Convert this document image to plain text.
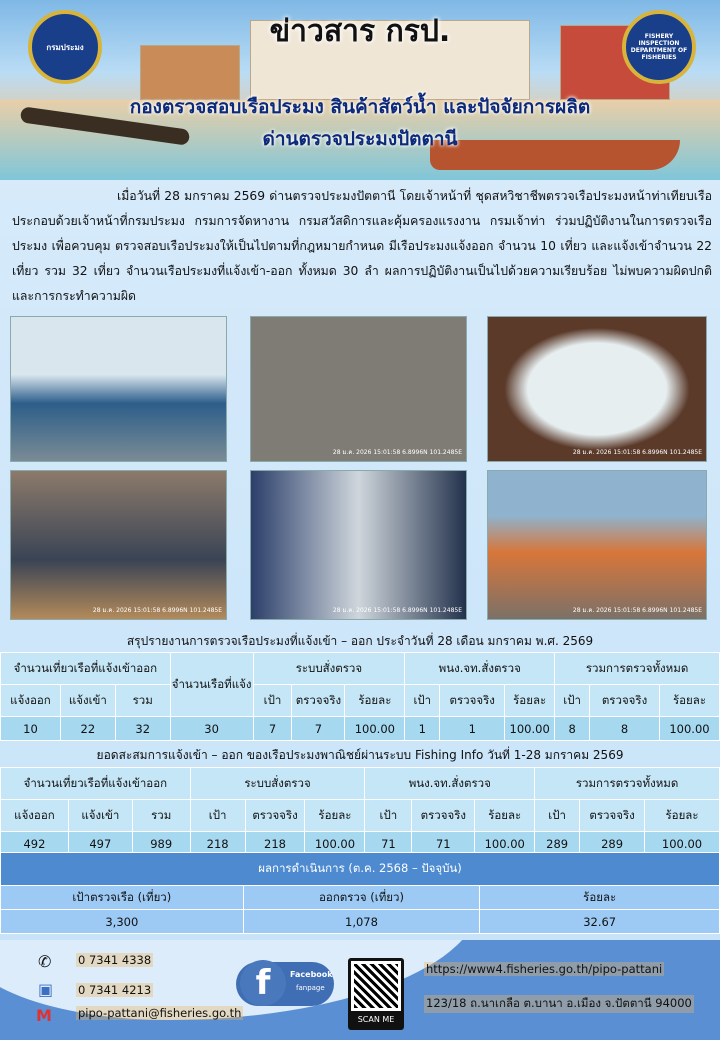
กรมประมง
FISHERY INSPECTION DEPARTMENT OF FISHERIES
ข่าวสาร กรป.
กองตรวจสอบเรือประมง สินค้าสัตว์น้ำ และปัจจัยการผลิต
ด่านตรวจประมงปัตตานี
เมื่อวันที่ 28 มกราคม 2569 ด่านตรวจประมงปัตตานี โดยเจ้าหน้าที่ ชุดสหวิชาชีพตรวจเรือประมงหน้าท่าเทียบเรือ ประกอบด้วยเจ้าหน้าที่กรมประมง กรมการจัดหางาน กรมสวัสดิการและคุ้มครองแรงงาน กรมเจ้าท่า ร่วมปฏิบัติงานในการตรวจเรือประมง เพื่อควบคุม ตรวจสอบเรือประมงให้เป็นไปตามที่กฎหมายกำหนด มีเรือประมงแจ้งออก จำนวน 10 เที่ยว และแจ้งเข้าจำนวน 22 เที่ยว รวม 32 เที่ยว จำนวนเรือประมงที่แจ้งเข้า-ออก ทั้งหมด 30 ลำ ผลการปฏิบัติงานเป็นไปด้วยความเรียบร้อย ไม่พบความผิดปกติและการกระทำความผิด
28 ม.ค. 2026 15:01:58 6.8996N 101.2485E	28 ม.ค. 2026 15:01:58 6.8996N 101.2485E
28 ม.ค. 2026 15:01:58 6.8996N 101.2485E	28 ม.ค. 2026 15:01:58 6.8996N 101.2485E	28 ม.ค. 2026 15:01:58 6.8996N 101.2485E
สรุปรายงานการตรวจเรือประมงที่แจ้งเข้า – ออก ประจำวันที่ 28 เดือน มกราคม พ.ศ. 2569
จำนวนเที่ยวเรือที่แจ้งเข้าออก			จำนวนเรือที่แจ้ง	ระบบสั่งตรวจ			พนง.จท.สั่งตรวจ			รวมการตรวจทั้งหมด		
แจ้งออก	แจ้งเข้า	รวม		เป้า	ตรวจจริง	ร้อยละ	เป้า	ตรวจจริง	ร้อยละ	เป้า	ตรวจจริง	ร้อยละ
10	22	32	30	7	7	100.00	1	1	100.00	8	8	100.00
ยอดสะสมการแจ้งเข้า – ออก ของเรือประมงพาณิชย์ผ่านระบบ Fishing Info วันที่ 1-28 มกราคม 2569
จำนวนเที่ยวเรือที่แจ้งเข้าออก			ระบบสั่งตรวจ			พนง.จท.สั่งตรวจ			รวมการตรวจทั้งหมด		
แจ้งออก	แจ้งเข้า	รวม	เป้า	ตรวจจริง	ร้อยละ	เป้า	ตรวจจริง	ร้อยละ	เป้า	ตรวจจริง	ร้อยละ
492	497	989	218	218	100.00	71	71	100.00	289	289	100.00
ผลการดำเนินการ (ต.ค. 2568 – ปัจจุบัน)		
เป้าตรวจเรือ (เที่ยว)	ออกตรวจ (เที่ยว)	ร้อยละ
3,300	1,078	32.67
✆ 0 7341 4338
▣ 0 7341 4213
M pipo-pattani@fisheries.go.th
f	Facebook
fanpage
SCAN ME
https://www4.fisheries.go.th/pipo-pattani
123/18 ถ.นาเกลือ ต.บานา อ.เมือง จ.ปัตตานี 94000
